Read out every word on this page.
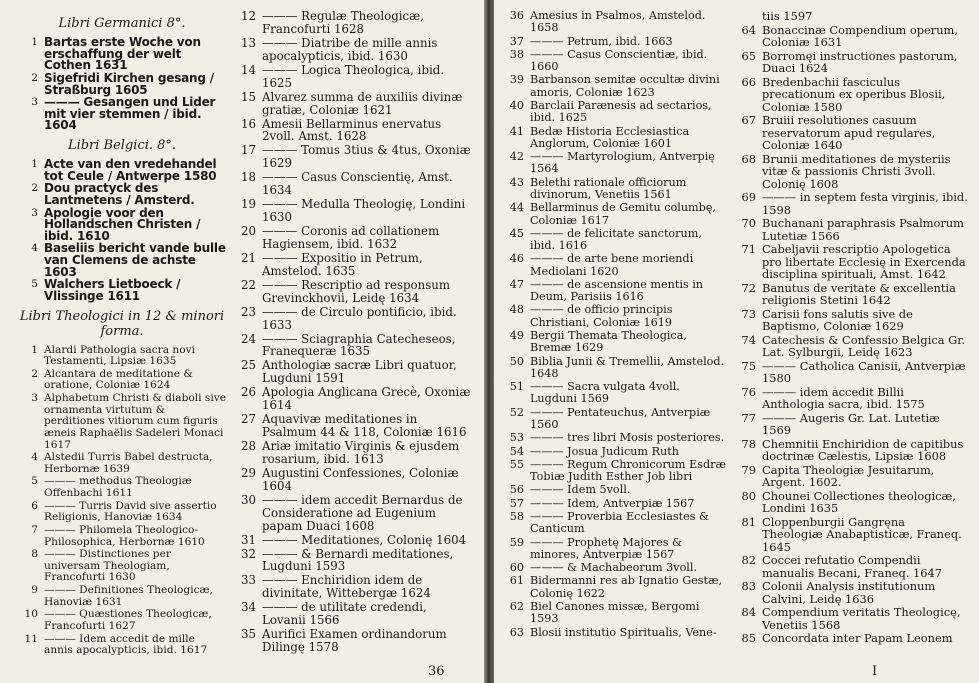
Libri Germanici 8°.
1 Bartas erste Woche von erschaffung der welt Cothen 1631
2 Sigefridi Kirchen gesang / Straßburg 1605
3 ——— Gesangen und Lider mit vier stemmen / ibid. 1604
Libri Belgici. 8°.
1 Acte van den vredehandel tot Ceule / Antwerpe 1580
2 Dou practyck des Lantmetens / Amsterd.
3 Apologie voor den Hollandschen Christen / ibid. 1610
4 Baseliis bericht vande bulle van Clemens de achste 1603
5 Walchers Lietboeck / Vlissinge 1611
Libri Theologici in 12 & minori forma.
1 Alardi Pathologia sacra novi Testamenti, Lipsiæ 1635
2 Alcantara de meditatione & oratione, Coloniæ 1624
3 Alphabetum Christi & diaboli sive ornamenta virtutum & perditiones vitiorum cum figuris æneis Raphaëlis Sadeleri Monaci 1617
4 Alstedii Turris Babel destructa, Herbornæ 1639
5 ——— methodus Theologiæ Offenbachi 1611
6 ——— Turris David sive assertio Religionis, Hanoviæ 1634
7 ——— Philomela Theologico-Philosophica, Herbornæ 1610
8 ——— Distinctiones per universam Theologiam, Francofurti 1630
9 ——— Definitiones Theologicæ, Hanoviæ 1631
10 ——— Quæstiones Theologicæ, Francofurti 1627
11 ——— Idem accedit de mille annis apocalypticis, ibid. 1617
12 ——— Regulæ Theologicæ, Francofurti 1628
13 ——— Diatribe de mille annis apocalypticis, ibid. 1630
14 ——— Logica Theologica, ibid. 1625
15 Alvarez summa de auxiliis divinæ gratiæ, Coloniæ 1621
16 Amesii Bellarminus enervatus 2voll. Amst. 1628
17 ——— Tomus 3tius & 4tus, Oxoniæ 1629
18 ——— Casus Conscientię, Amst. 1634
19 ——— Medulla Theologię, Londini 1630
20 ——— Coronis ad collationem Hagiensem, ibid. 1632
21 ——— Expositio in Petrum, Amstelod. 1635
22 ——— Rescriptio ad responsum Grevinckhovii, Leidę 1634
23 ——— de Circulo pontificio, ibid. 1633
24 ——— Sciagraphia Catecheseos, Franequeræ 1635
25 Anthologiæ sacræ Libri quatuor, Lugduni 1591
26 Apologia Anglicana Grecè, Oxoniæ 1614
27 Aquavivæ meditationes in Psalmum 44 & 118, Coloniæ 1616
28 Ariæ imitatio Virginis & ejusdem rosarium, ibid. 1613
29 Augustini Confessiones, Coloniæ 1604
30 ——— idem accedit Bernardus de Consideratione ad Eugenium papam Duaci 1608
31 ——— Meditationes, Colonię 1604
32 ——— & Bernardi meditationes, Lugduni 1593
33 ——— Enchiridion idem de divinitate, Wittebergæ 1624
34 ——— de utilitate credendi, Lovanii 1566
35 Aurifici Examen ordinandorum Dilingę 1578
36
36 Amesius in Psalmos, Amstelod. 1658
37 ——— Petrum, ibid. 1663
38 ——— Casus Conscientiæ, ibid. 1660
39 Barbanson semitæ occultæ divini amoris, Coloniæ 1623
40 Barclaii Parænesis ad sectarios, ibid. 1625
41 Bedæ Historia Ecclesiastica Anglorum, Coloniæ 1601
42 ——— Martyrologium, Antverpię 1564
43 Belethi rationale officiorum divinorum, Venetiis 1561
44 Bellarminus de Gemitu columbę, Coloniæ 1617
45 ——— de felicitate sanctorum, ibid. 1616
46 ——— de arte bene moriendi Mediolani 1620
47 ——— de ascensione mentis in Deum, Parisiis 1616
48 ——— de officio principis Christiani, Coloniæ 1619
49 Bergii Themata Theologica, Bremæ 1629
50 Biblia Junii & Tremellii, Amstelod. 1648
51 ——— Sacra vulgata 4voll. Lugduni 1569
52 ——— Pentateuchus, Antverpiæ 1560
53 ——— tres libri Mosis posteriores.
54 ——— Josua Judicum Ruth
55 ——— Regum Chronicorum Esdræ Tobiæ Judith Esther Job libri
56 ——— Idem 5voll.
57 ——— Idem, Antverpiæ 1567
58 ——— Proverbia Ecclesiastes & Canticum
59 ——— Prophetę Majores & minores, Antverpiæ 1567
60 ——— & Machabeorum 3voll.
61 Bidermanni res ab Ignatio Gestæ, Colonię 1622
62 Biel Canones missæ, Bergomi 1593
63 Blosii institutio Spiritualis, Vene-
tiis 1597
64 Bonaccinæ Compendium operum, Coloniæ 1631
65 Borromęi instructiones pastorum, Duaci 1624
66 Bredenbachii fasciculus precationum ex operibus Blosii, Coloniæ 1580
67 Bruiii resolutiones casuum reservatorum apud regulares, Coloniæ 1640
68 Brunii meditationes de mysteriis vitæ & passionis Christi 3voll. Colonię 1608
69 ——— in septem festa virginis, ibid. 1598
70 Buchanani paraphrasis Psalmorum Lutetiæ 1566
71 Cabeljavii rescriptio Apologetica pro libertate Ecclesię in Exercenda disciplina spirituali, Amst. 1642
72 Banutus de veritate & excellentia religionis Stetini 1642
73 Carisii fons salutis sive de Baptismo, Coloniæ 1629
74 Catechesis & Confessio Belgica Gr. Lat. Sylburgii, Leidę 1623
75 ——— Catholica Canisii, Antverpiæ 1580
76 ——— idem accedit Billii Anthologia sacra, ibid. 1575
77 ——— Augeris Gr. Lat. Lutetiæ 1569
78 Chemnitii Enchiridion de capitibus doctrinæ Cælestis, Lipsiæ 1608
79 Capita Theologiæ Jesuitarum, Argent. 1602.
80 Chounei Collectiones theologicæ, Londini 1635
81 Cloppenburgii Gangręna Theologiæ Anabaptisticæ, Franeq. 1645
82 Coccei refutatio Compendii manualis Becani, Franeq. 1647
83 Colonii Analysis institutionum Calvini, Leidę 1636
84 Compendium veritatis Theologicę, Venetiis 1568
85 Concordata inter Papam Leonem
I
